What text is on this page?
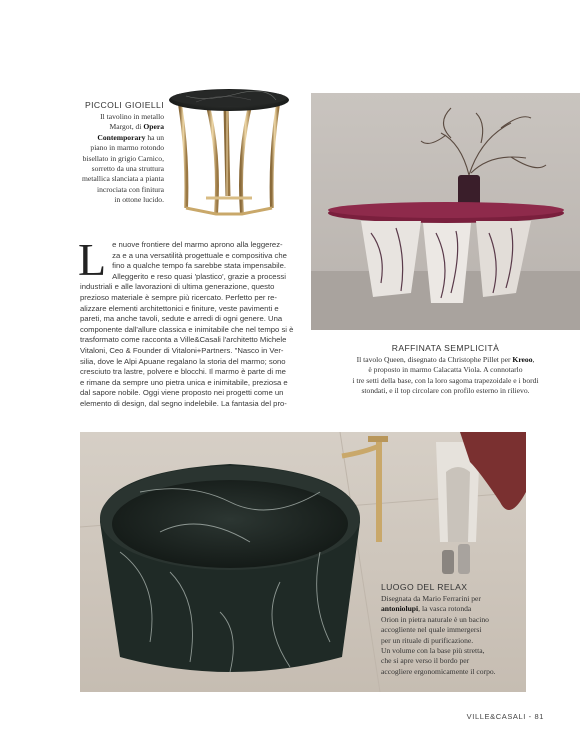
PICCOLI GIOIELLI
Il tavolino in metallo
Margot, di Opera
Contemporary ha un
piano in marmo rotondo
bisellato in grigio Carnico,
sorretto da una struttura
metallica slanciata a pianta
incrociata con finitura
in ottone lucido.
RAFFINATA SEMPLICITÀ
Il tavolo Queen, disegnato da Christophe Pillet per Kreoo,
è proposto in marmo Calacatta Viola. A connotarlo
i tre setti della base, con la loro sagoma trapezoidale e i bordi
stondati, e il top circolare con profilo esterno in rilievo.
L e nuove frontiere del marmo aprono alla leggerez-
za e a una versatilità progettuale e compositiva che
fino a qualche tempo fa sarebbe stata impensabile.
Alleggerito e reso quasi 'plastico', grazie a processi
industriali e alle lavorazioni di ultima generazione, questo
prezioso materiale è sempre più ricercato. Perfetto per re-
alizzare elementi architettonici e finiture, veste pavimenti e
pareti, ma anche tavoli, sedute e arredi di ogni genere. Una
componente dall'allure classica e inimitabile che nel tempo si è
trasformato come racconta a Ville&Casali l'architetto Michele
Vitaloni, Ceo & Founder di Vitaloni+Partners. "Nasco in Ver-
silia, dove le Alpi Apuane regalano la storia del marmo; sono
cresciuto tra lastre, polvere e blocchi. Il marmo è parte di me
e rimane da sempre uno pietra unica e inimitabile, preziosa e
dal sapore nobile. Oggi viene proposto nei progetti come un
elemento di design, dal segno indelebile. La fantasia del pro-
LUOGO DEL RELAX
Disegnata da Mario Ferrarini per
antoniolupi, la vasca rotonda
Orion in pietra naturale è un bacino
accogliente nel quale immergersi
per un rituale di purificazione.
Un volume con la base più stretta,
che si apre verso il bordo per
accogliere ergonomicamente il corpo.
VILLE&CASALI - 81
